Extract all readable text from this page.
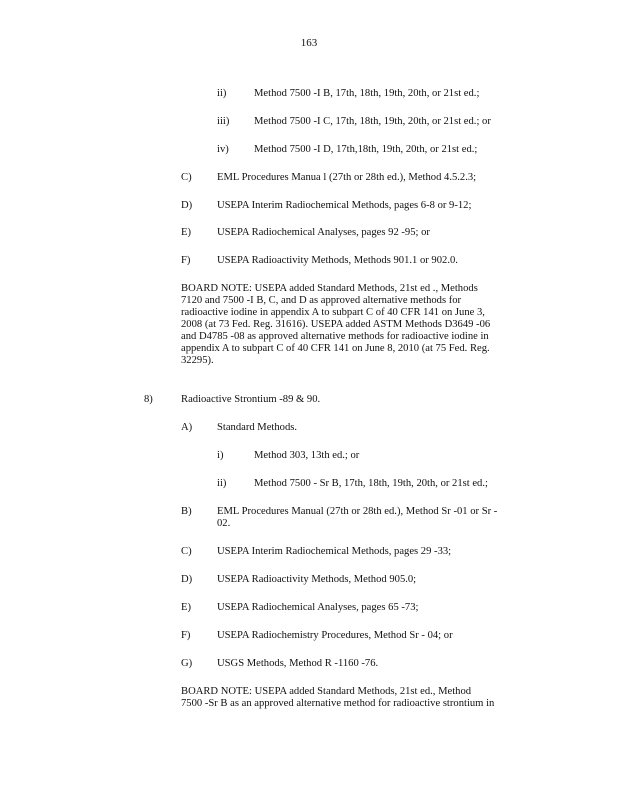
163
ii)	Method 7500 -I B, 17th, 18th, 19th, 20th, or 21st ed.;
iii) Method 7500 -I C, 17th, 18th, 19th, 20th, or 21st ed.; or
iv) Method 7500 -I D, 17th,18th, 19th, 20th, or 21st ed.;
C) EML Procedures Manua l (27th or 28th ed.), Method 4.5.2.3;
D) USEPA Interim Radiochemical Methods, pages 6-8 or 9-12;
E) USEPA Radiochemical Analyses, pages 92 -95; or
F)	USEPA Radioactivity Methods, Methods 901.1 or 902.0.
BOARD NOTE: USEPA added Standard Methods, 21st ed ., Methods
7120 and 7500 -I B, C, and D as approved alternative methods for
radioactive iodine in appendix A to subpart C of 40 CFR 141 on June 3,
2008 (at 73 Fed. Reg. 31616). USEPA added ASTM Methods D3649 -06
and D4785 -08 as approved alternative methods for radioactive iodine in
appendix A to subpart C of 40 CFR 141 on June 8, 2010 (at 75 Fed. Reg.
32295).
8)	Radioactive Strontium -89 & 90.
A) Standard Methods.
i)	Method 303, 13th ed.; or
ii)	Method 7500 - Sr B, 17th, 18th, 19th, 20th, or 21st ed.;
B) EML Procedures Manual (27th or 28th ed.), Method Sr -01 or Sr -
02.
C) USEPA Interim Radiochemical Methods, pages 29 -33;
D) USEPA Radioactivity Methods, Method 905.0;
E) USEPA Radiochemical Analyses, pages 65 -73;
F)	USEPA Radiochemistry Procedures, Method Sr - 04; or
G) USGS Methods, Method R -1160 -76.
BOARD NOTE: USEPA added Standard Methods, 21st ed., Method
7500 -Sr B as an approved alternative method for radioactive strontium in
